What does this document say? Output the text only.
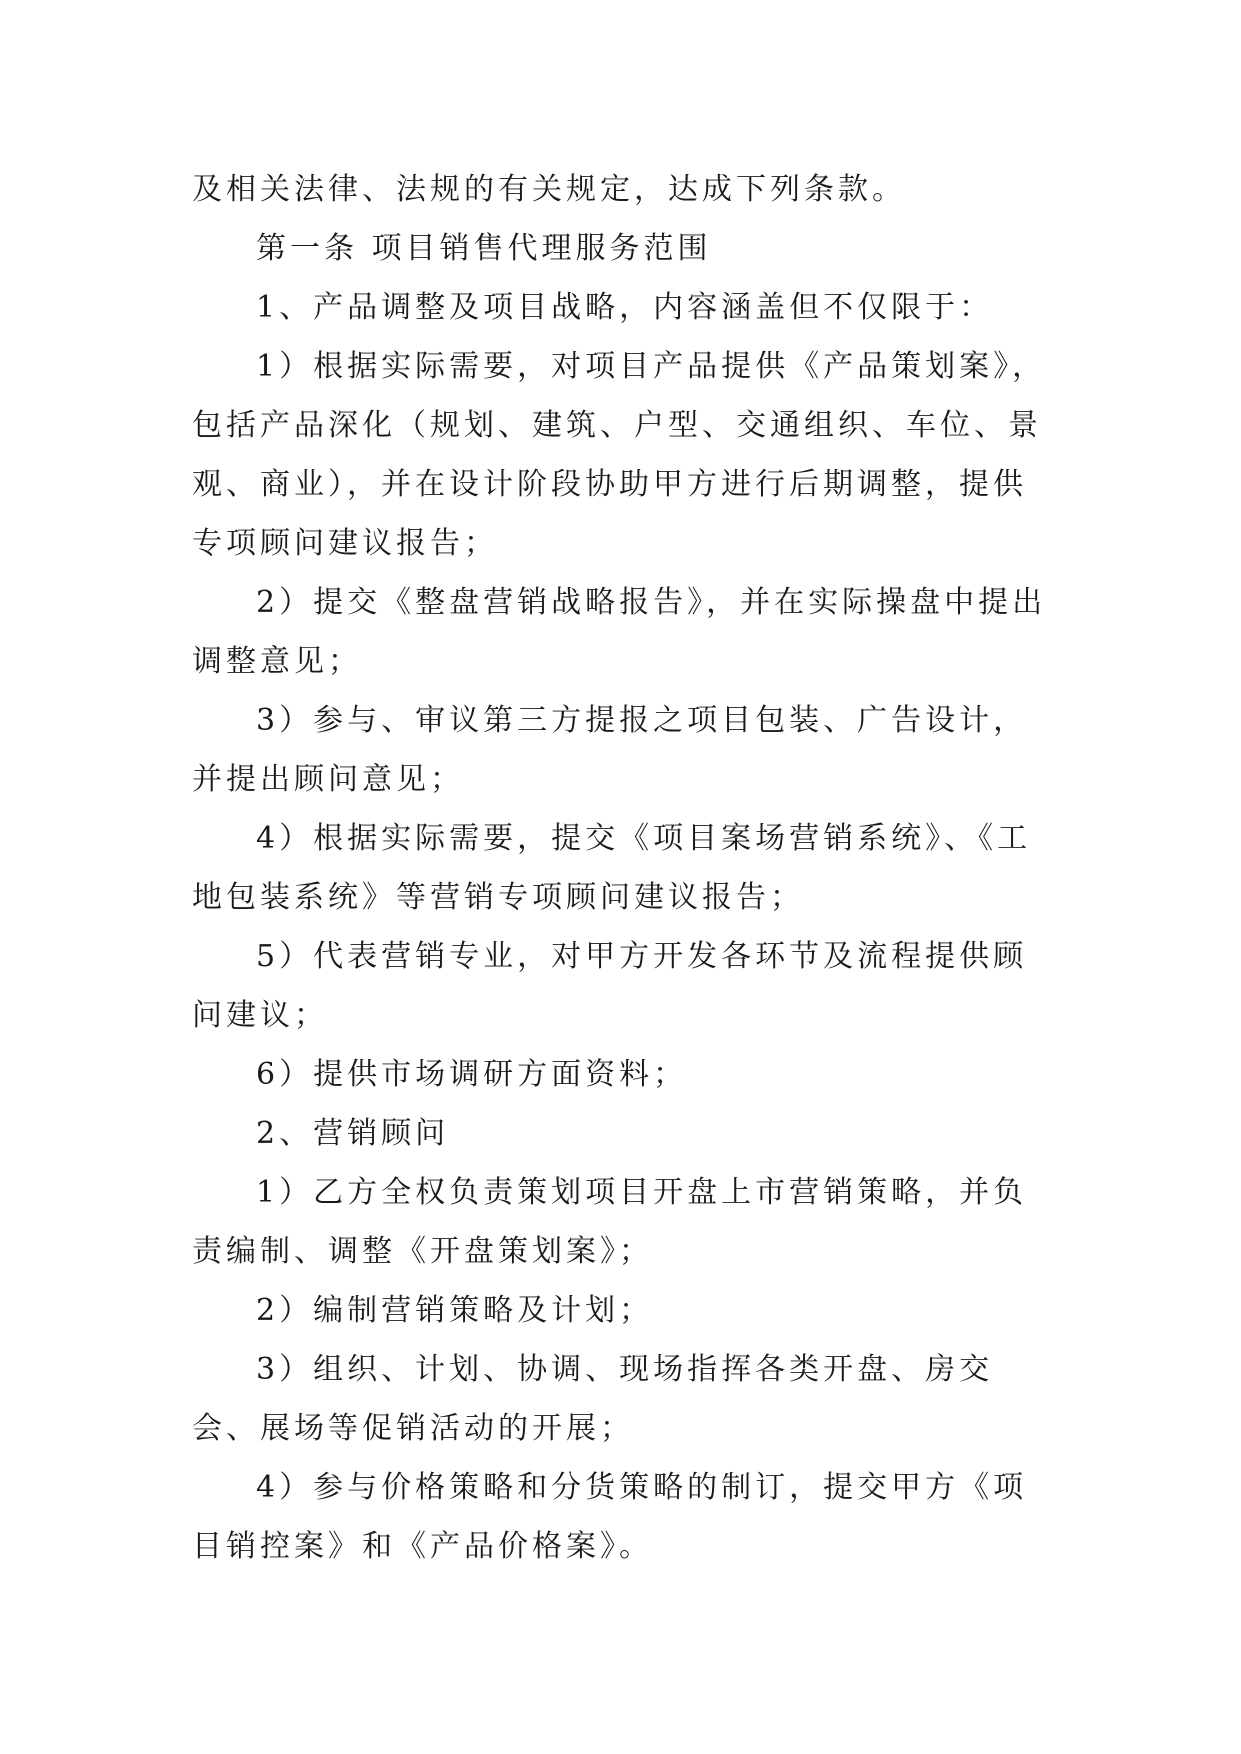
及相关法律、法规的有关规定，达成下列条款。

第一条 项目销售代理服务范围

1、产品调整及项目战略，内容涵盖但不仅限于：

1）根据实际需要，对项目产品提供《产品策划案》，包括产品深化（规划、建筑、户型、交通组织、车位、景观、商业），并在设计阶段协助甲方进行后期调整，提供专项顾问建议报告；

2）提交《整盘营销战略报告》，并在实际操盘中提出调整意见；

3）参与、审议第三方提报之项目包装、广告设计，并提出顾问意见；

4）根据实际需要，提交《项目案场营销系统》、《工地包装系统》等营销专项顾问建议报告；

5）代表营销专业，对甲方开发各环节及流程提供顾问建议；

6）提供市场调研方面资料；

2、营销顾问

1）乙方全权负责策划项目开盘上市营销策略，并负责编制、调整《开盘策划案》；

2）编制营销策略及计划；

3）组织、计划、协调、现场指挥各类开盘、房交会、展场等促销活动的开展；

4）参与价格策略和分货策略的制订，提交甲方《项目销控案》和《产品价格案》。
